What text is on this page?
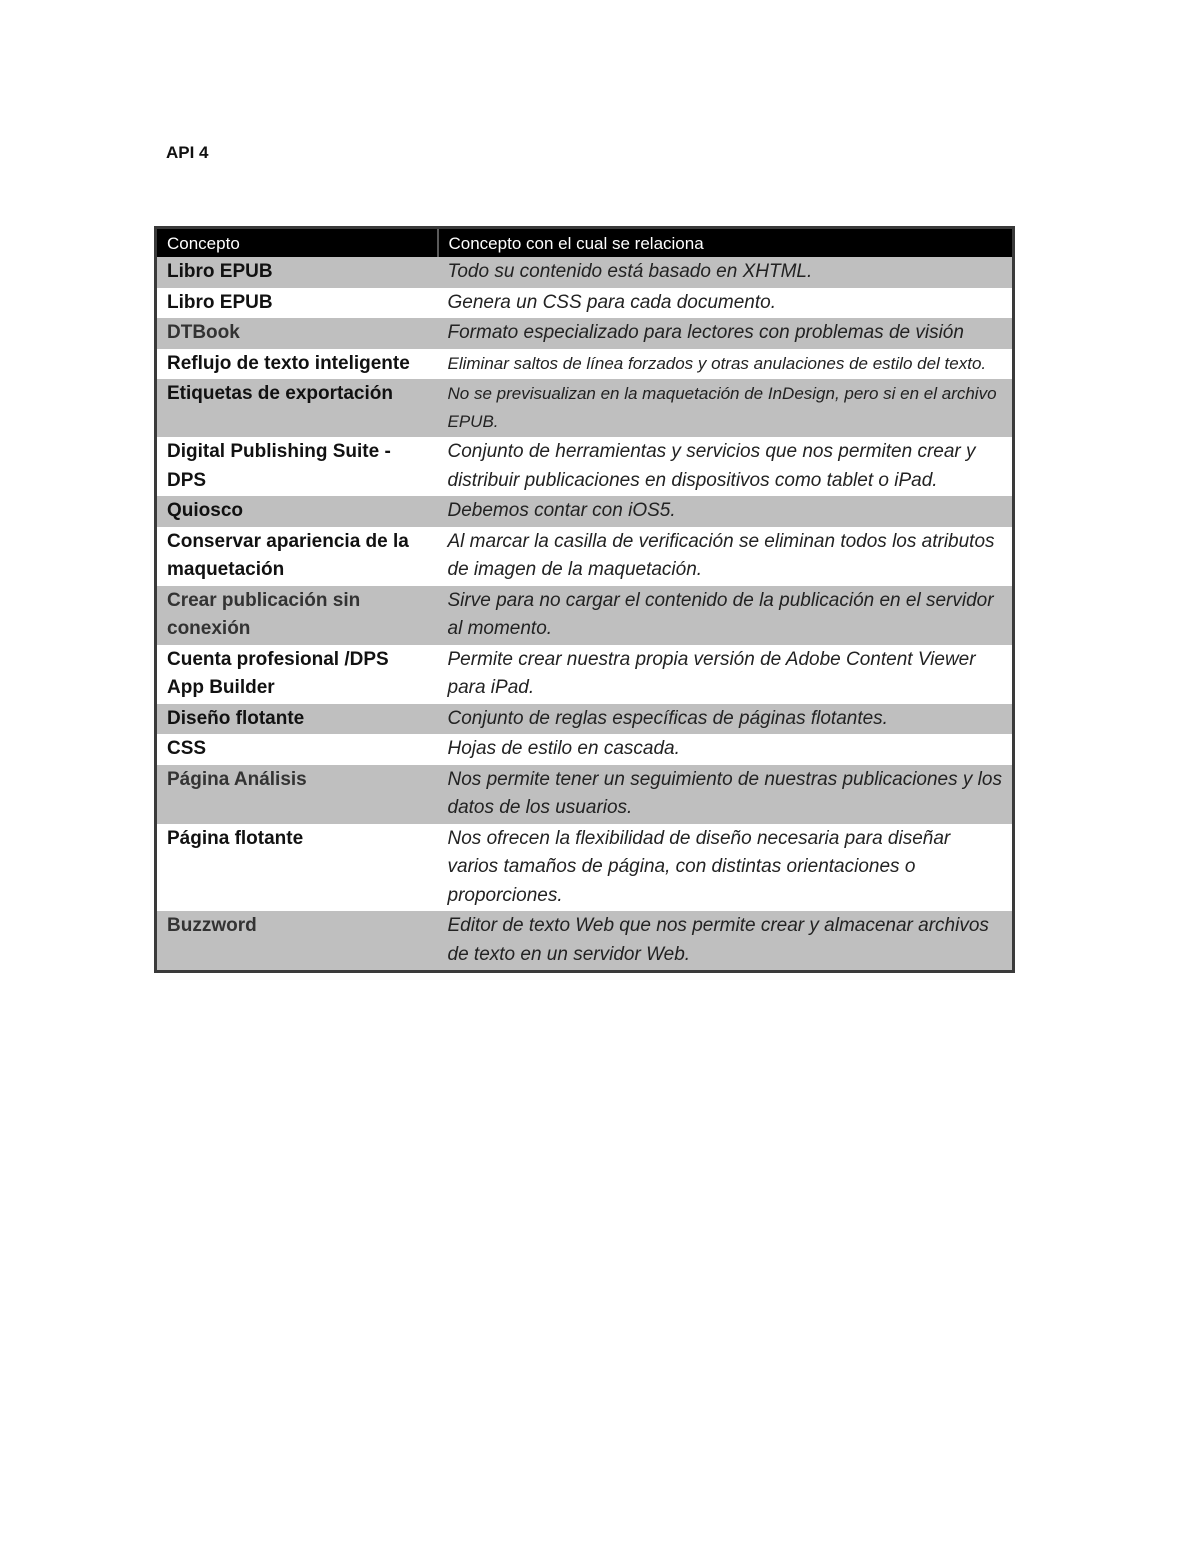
API 4

Concepto	Concepto con el cual se relaciona
Libro EPUB	Todo su contenido está basado en XHTML.
Libro EPUB	Genera un CSS para cada documento.
DTBook	Formato especializado para lectores con problemas de visión
Reflujo de texto inteligente	Eliminar saltos de línea forzados y otras anulaciones de estilo del texto.
Etiquetas de exportación	No se previsualizan en la maquetación de InDesign, pero si en el archivo EPUB.
Digital Publishing Suite - DPS	Conjunto de herramientas y servicios que nos permiten crear y distribuir publicaciones en dispositivos como tablet o iPad.
Quiosco	Debemos contar con iOS5.
Conservar apariencia de la maquetación	Al marcar la casilla de verificación se eliminan todos los atributos de imagen de la maquetación.
Crear publicación sin conexión	Sirve para no cargar el contenido de la publicación en el servidor al momento.
Cuenta profesional /DPS App Builder	Permite crear nuestra propia versión de Adobe Content Viewer para iPad.
Diseño flotante	Conjunto de reglas específicas de páginas flotantes.
CSS	Hojas de estilo en cascada.
Página Análisis	Nos permite tener un seguimiento de nuestras publicaciones y los datos de los usuarios.
Página flotante	Nos ofrecen la flexibilidad de diseño necesaria para diseñar varios tamaños de página, con distintas orientaciones o proporciones.
Buzzword	Editor de texto Web que nos permite crear y almacenar archivos de texto en un servidor Web.
